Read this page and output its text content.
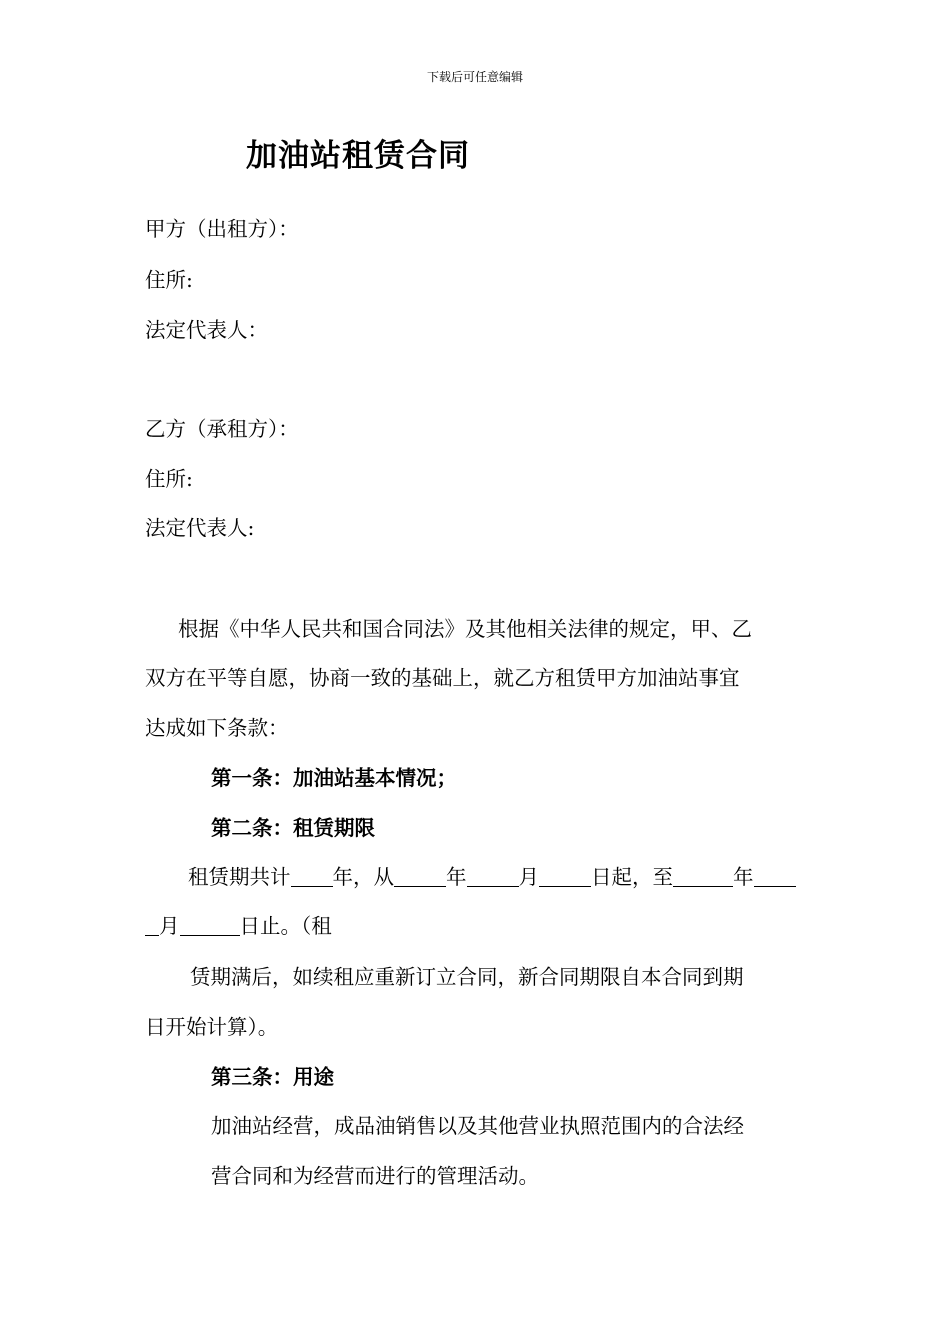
下载后可任意编辑
加油站租赁合同
甲方（出租方）：
住所:
法定代表人：
乙方（承租方）：
住所:
法定代表人:
根据《中华人民共和国合同法》及其他相关法律的规定，甲、乙
双方在平等自愿，协商一致的基础上，就乙方租赁甲方加油站事宜
达成如下条款：
第一条：加油站基本情况；
第二条：租赁期限
租赁期共计 年，从	年	月	日起，至	年
月	日止。（租
赁期满后，如续租应重新订立合同，新合同期限自本合同到期
日开始计算）。
第三条：用途
加油站经营，成品油销售以及其他营业执照范围内的合法经
营合同和为经营而进行的管理活动。
